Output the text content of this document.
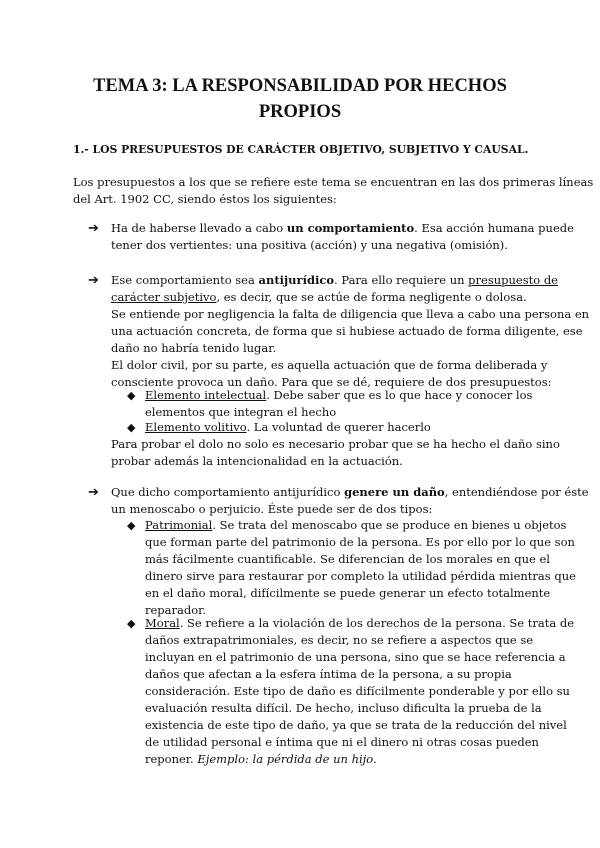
TEMA 3: LA RESPONSABILIDAD POR HECHOS
PROPIOS
1.- LOS PRESUPUESTOS DE CARÁCTER OBJETIVO, SUBJETIVO Y CAUSAL.
Los presupuestos a los que se refiere este tema se encuentran en las dos primeras líneas
del Art. 1902 CC, siendo éstos los siguientes:
➔ Ha de haberse llevado a cabo un comportamiento. Esa acción humana puede
tener dos vertientes: una positiva (acción) y una negativa (omisión).
➔ Ese comportamiento sea antijurídico. Para ello requiere un presupuesto de
carácter subjetivo, es decir, que se actúe de forma negligente o dolosa.
Se entiende por negligencia la falta de diligencia que lleva a cabo una persona en
una actuación concreta, de forma que si hubiese actuado de forma diligente, ese
daño no habría tenido lugar.
El dolor civil, por su parte, es aquella actuación que de forma deliberada y
consciente provoca un daño. Para que se dé, requiere de dos presupuestos:
◆ Elemento intelectual. Debe saber que es lo que hace y conocer los
elementos que integran el hecho
◆ Elemento volitivo. La voluntad de querer hacerlo
Para probar el dolo no solo es necesario probar que se ha hecho el daño sino
probar además la intencionalidad en la actuación.
➔ Que dicho comportamiento antijurídico genere un daño, entendiéndose por éste
un menoscabo o perjuicio. Éste puede ser de dos tipos:
◆ Patrimonial. Se trata del menoscabo que se produce en bienes u objetos
que forman parte del patrimonio de la persona. Es por ello por lo que son
más fácilmente cuantificable. Se diferencian de los morales en que el
dinero sirve para restaurar por completo la utilidad pérdida mientras que
en el daño moral, difícilmente se puede generar un efecto totalmente
reparador.
◆ Moral. Se refiere a la violación de los derechos de la persona. Se trata de
daños extrapatrimoniales, es decir, no se refiere a aspectos que se
incluyan en el patrimonio de una persona, sino que se hace referencia a
daños que afectan a la esfera íntima de la persona, a su propia
consideración. Este tipo de daño es difícilmente ponderable y por ello su
evaluación resulta difícil. De hecho, incluso dificulta la prueba de la
existencia de este tipo de daño, ya que se trata de la reducción del nivel
de utilidad personal e íntima que ni el dinero ni otras cosas pueden
reponer. Ejemplo: la pérdida de un hijo.
